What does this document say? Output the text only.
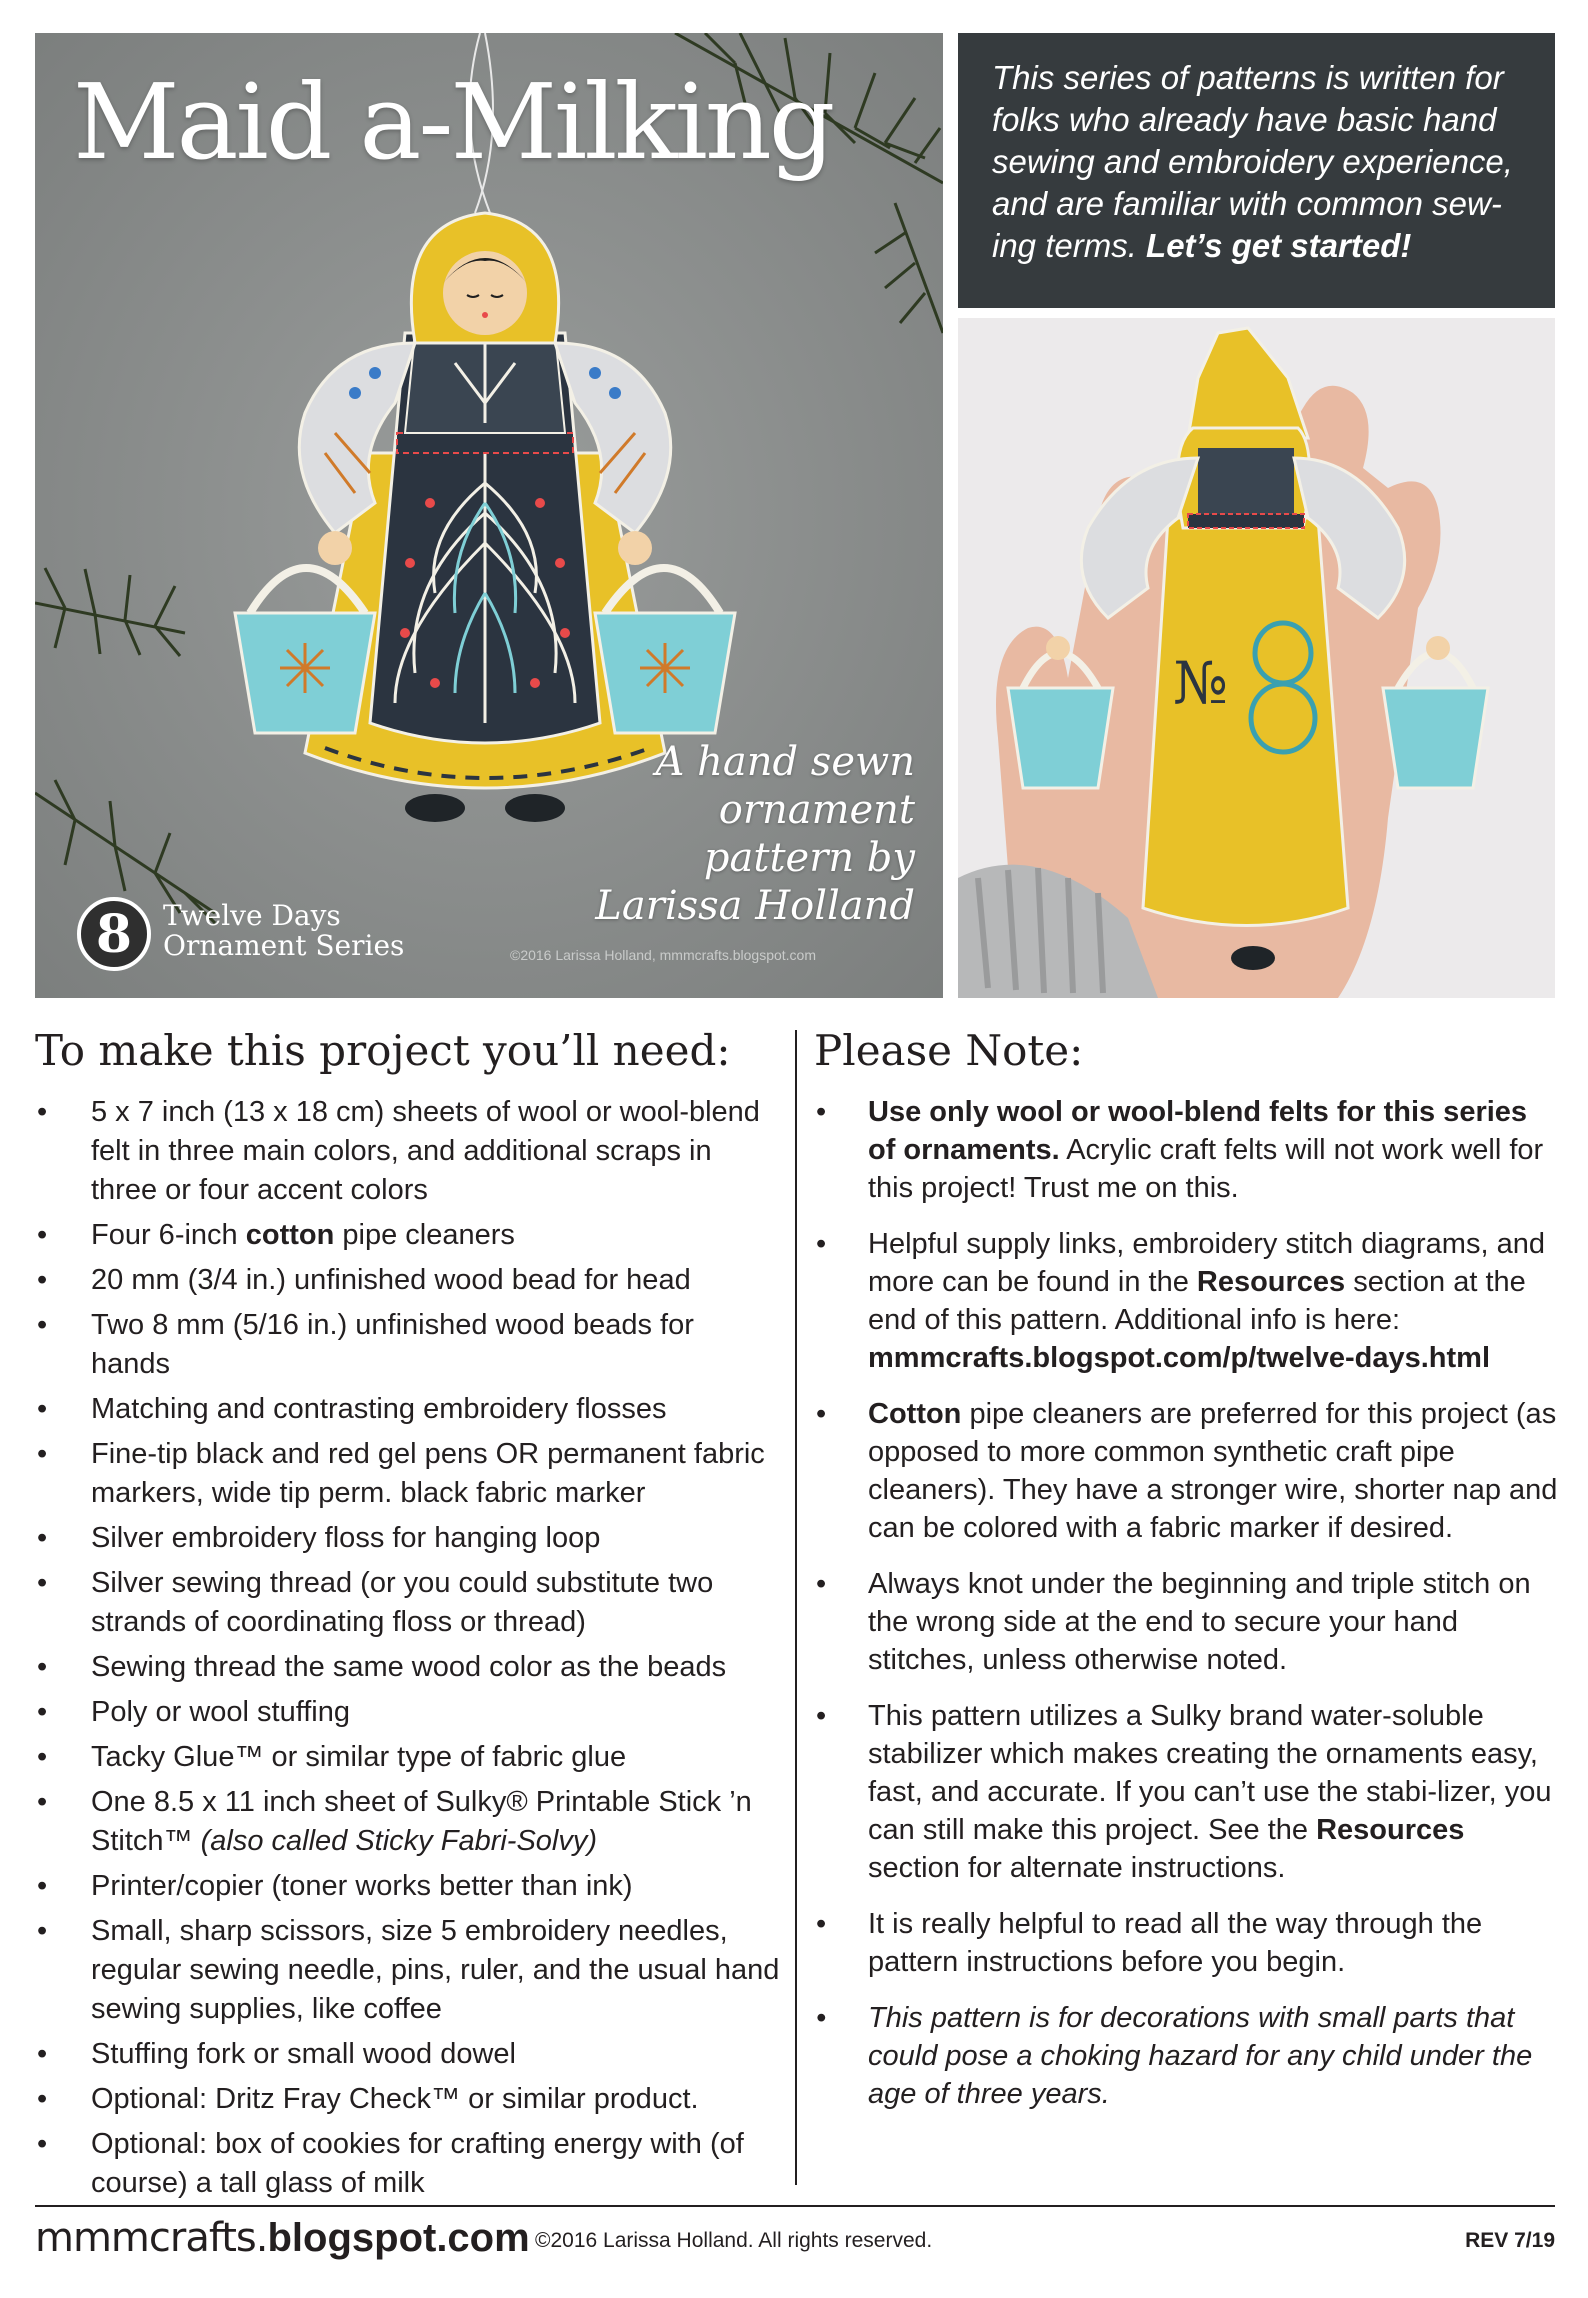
Maid a-Milking
A hand sewn
ornament
pattern by
Larissa Holland
8	Twelve Days
Ornament Series	©2016 Larissa Holland, mmmcrafts.blogspot.com

This series of patterns is written for folks who already have basic hand sewing and embroidery experience, and are familiar with common sew-ing terms. Let’s get started!

№
To make this project you’ll need:
• 5 x 7 inch (13 x 18 cm) sheets of wool or wool-blend felt in three main colors, and additional scraps in three or four accent colors
• Four 6-inch cotton pipe cleaners
• 20 mm (3/4 in.) unfinished wood bead for head
• Two 8 mm (5/16 in.) unfinished wood beads for hands
• Matching and contrasting embroidery flosses
• Fine-tip black and red gel pens OR permanent fabric markers, wide tip perm. black fabric marker
• Silver embroidery floss for hanging loop
• Silver sewing thread (or you could substitute two strands of coordinating floss or thread)
• Sewing thread the same wood color as the beads
• Poly or wool stuffing
• Tacky Glue™ or similar type of fabric glue
• One 8.5 x 11 inch sheet of Sulky® Printable Stick ’n Stitch™ (also called Sticky Fabri-Solvy)
• Printer/copier (toner works better than ink)
• Small, sharp scissors, size 5 embroidery needles, regular sewing needle, pins, ruler, and the usual hand sewing supplies, like coffee
• Stuffing fork or small wood dowel
• Optional: Dritz Fray Check™ or similar product.
• Optional: box of cookies for crafting energy with (of course) a tall glass of milk
Please Note:
• Use only wool or wool-blend felts for this series of ornaments. Acrylic craft felts will not work well for this project! Trust me on this.
• Helpful supply links, embroidery stitch diagrams, and more can be found in the Resources section at the end of this pattern. Additional info is here: mmmcrafts.blogspot.com/p/twelve-days.html
• Cotton pipe cleaners are preferred for this project (as opposed to more common synthetic craft pipe cleaners). They have a stronger wire, shorter nap and can be colored with a fabric marker if desired.
• Always knot under the beginning and triple stitch on the wrong side at the end to secure your hand stitches, unless otherwise noted.
• This pattern utilizes a Sulky brand water-soluble stabilizer which makes creating the ornaments easy, fast, and accurate. If you can’t use the stabi-lizer, you can still make this project. See the Resources section for alternate instructions.
• It is really helpful to read all the way through the pattern instructions before you begin.
• This pattern is for decorations with small parts that could pose a choking hazard for any child under the age of three years.
mmmcrafts.blogspot.com ©2016 Larissa Holland. All rights reserved.	REV 7/19
